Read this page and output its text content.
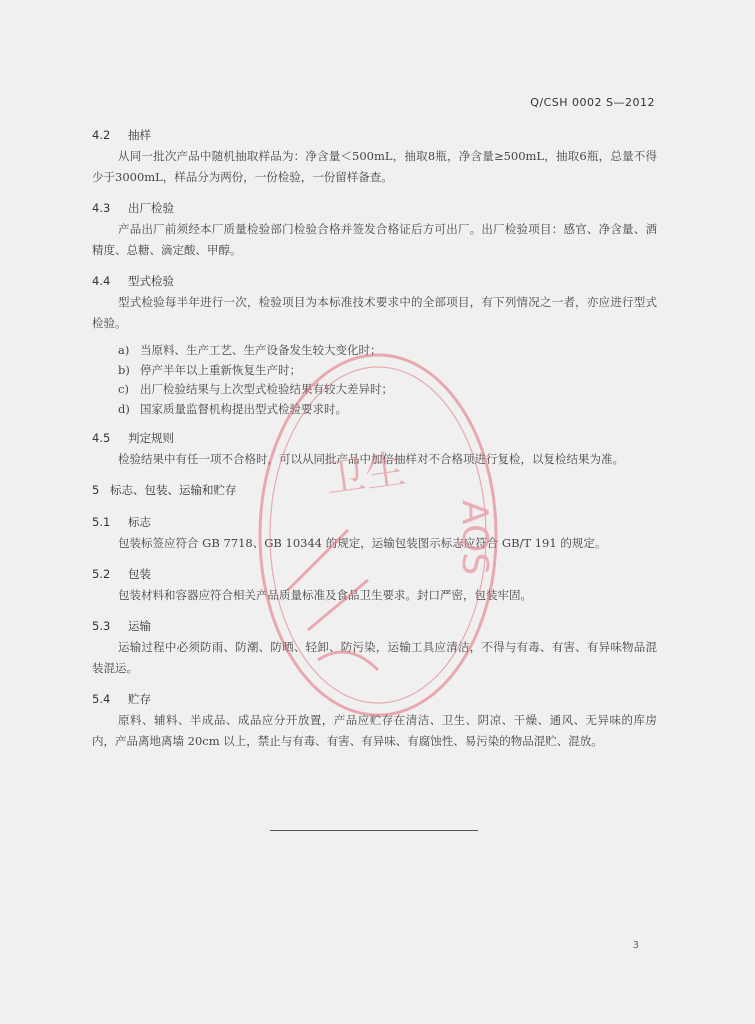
Q/CSH 0002 S—2012
4.2 抽样

从同一批次产品中随机抽取样品为：净含量＜500mL，抽取8瓶，净含量≥500mL，抽取6瓶，总量不得少于3000mL，样品分为两份，一份检验，一份留样备查。

4.3 出厂检验

产品出厂前须经本厂质量检验部门检验合格并签发合格证后方可出厂。出厂检验项目：感官、净含量、酒精度、总糖、滴定酸、甲醇。

4.4 型式检验

型式检验每半年进行一次，检验项目为本标准技术要求中的全部项目，有下列情况之一者，亦应进行型式检验。

a) 当原料、生产工艺、生产设备发生较大变化时；
b) 停产半年以上重新恢复生产时；
c) 出厂检验结果与上次型式检验结果有较大差异时；
d) 国家质量监督机构提出型式检验要求时。
4.5 判定规则

检验结果中有任一项不合格时，可以从同批产品中加倍抽样对不合格项进行复检，以复检结果为准。

5 标志、包装、运输和贮存
5.1 标志

包装标签应符合 GB 7718、GB 10344 的规定，运输包装图示标志应符合 GB/T 191 的规定。

5.2 包装

包装材料和容器应符合相关产品质量标准及食品卫生要求。封口严密，包装牢固。

5.3 运输

运输过程中必须防雨、防潮、防晒、轻卸、防污染，运输工具应清洁，不得与有毒、有害、有异味物品混装混运。

5.4 贮存

原料、辅料、半成品、成品应分开放置，产品应贮存在清洁、卫生、阴凉、干燥、通风、无异味的库房内，产品离地离墙 20cm 以上，禁止与有毒、有害、有异味、有腐蚀性、易污染的物品混贮、混放。

3
卫生
AQS
